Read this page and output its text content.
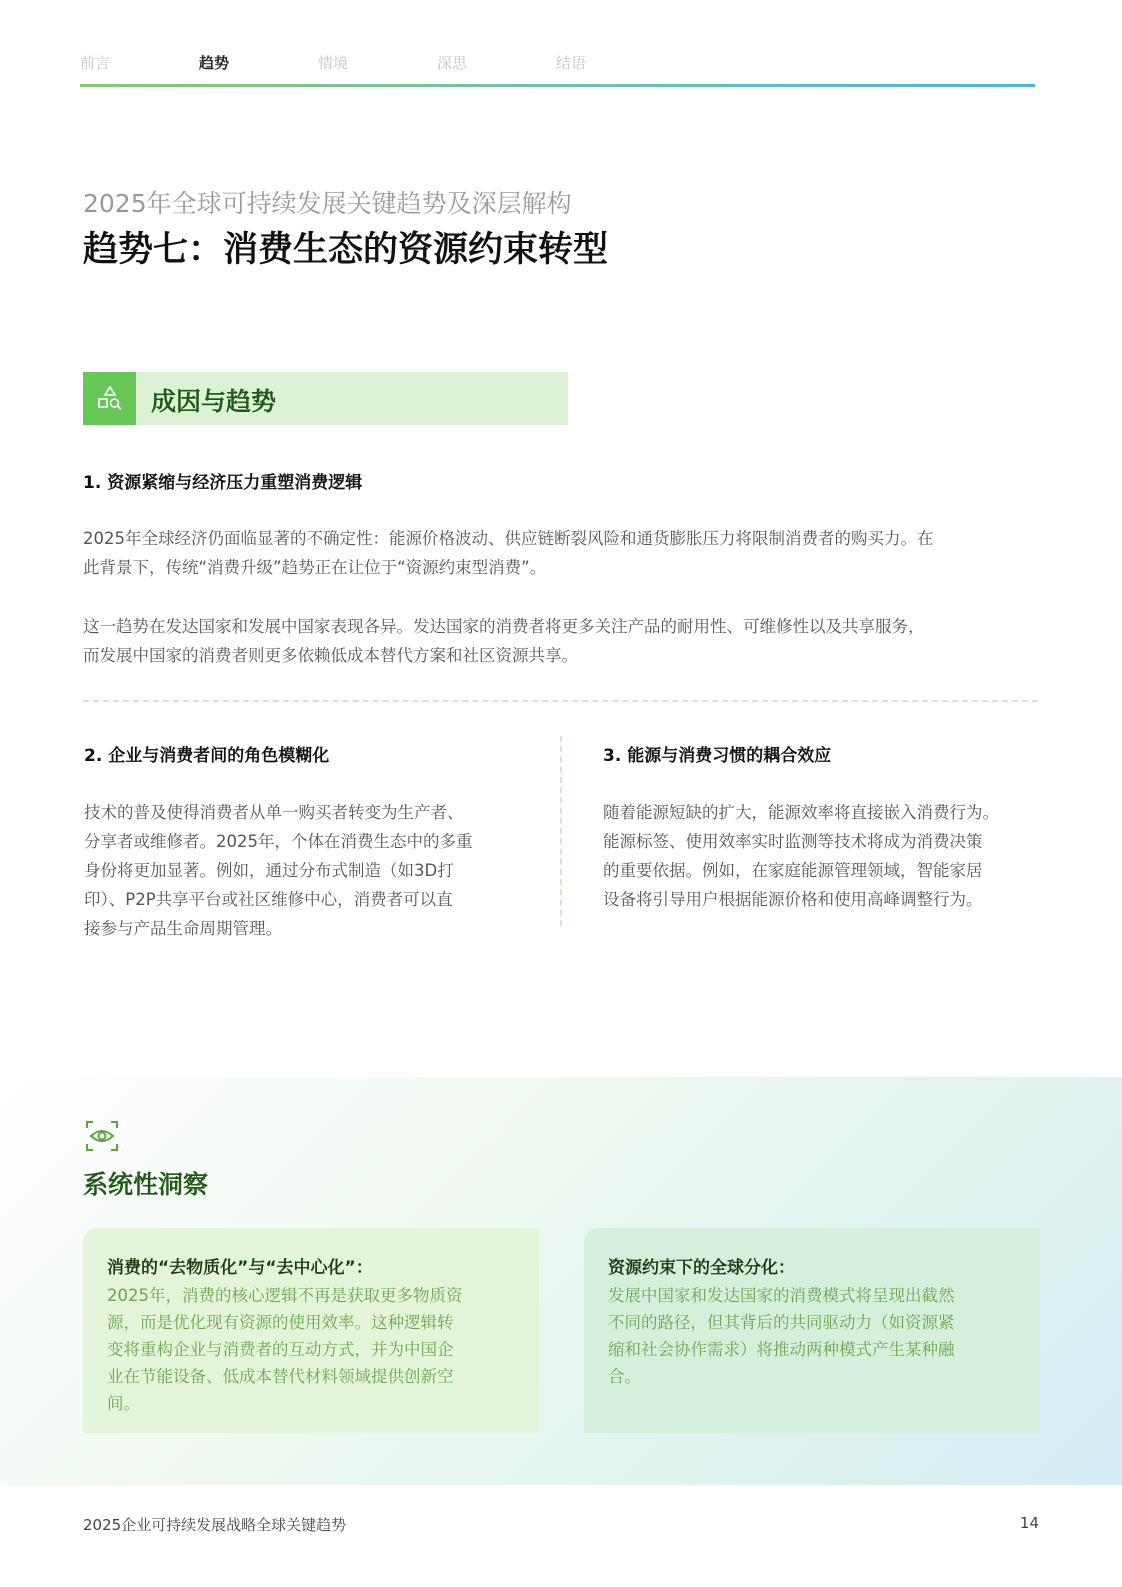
前言	趋势	情境	深思	结语
2025年全球可持续发展关键趋势及深层解构
趋势七：消费生态的资源约束转型
成因与趋势
1. 资源紧缩与经济压力重塑消费逻辑
2025年全球经济仍面临显著的不确定性：能源价格波动、供应链断裂风险和通货膨胀压力将限制消费者的购买力。在
此背景下，传统“消费升级”趋势正在让位于“资源约束型消费”。
这一趋势在发达国家和发展中国家表现各异。发达国家的消费者将更多关注产品的耐用性、可维修性以及共享服务，
而发展中国家的消费者则更多依赖低成本替代方案和社区资源共享。
2. 企业与消费者间的角色模糊化
技术的普及使得消费者从单一购买者转变为生产者、
分享者或维修者。2025年，个体在消费生态中的多重
身份将更加显著。例如，通过分布式制造（如3D打
印）、P2P共享平台或社区维修中心，消费者可以直
接参与产品生命周期管理。
3. 能源与消费习惯的耦合效应
随着能源短缺的扩大，能源效率将直接嵌入消费行为。
能源标签、使用效率实时监测等技术将成为消费决策
的重要依据。例如，在家庭能源管理领域，智能家居
设备将引导用户根据能源价格和使用高峰调整行为。
系统性洞察
消费的“去物质化”与“去中心化”：
2025年，消费的核心逻辑不再是获取更多物质资
源，而是优化现有资源的使用效率。这种逻辑转
变将重构企业与消费者的互动方式，并为中国企
业在节能设备、低成本替代材料领域提供创新空
间。
资源约束下的全球分化：
发展中国家和发达国家的消费模式将呈现出截然
不同的路径，但其背后的共同驱动力（如资源紧
缩和社会协作需求）将推动两种模式产生某种融
合。
2025企业可持续发展战略全球关键趋势	14
